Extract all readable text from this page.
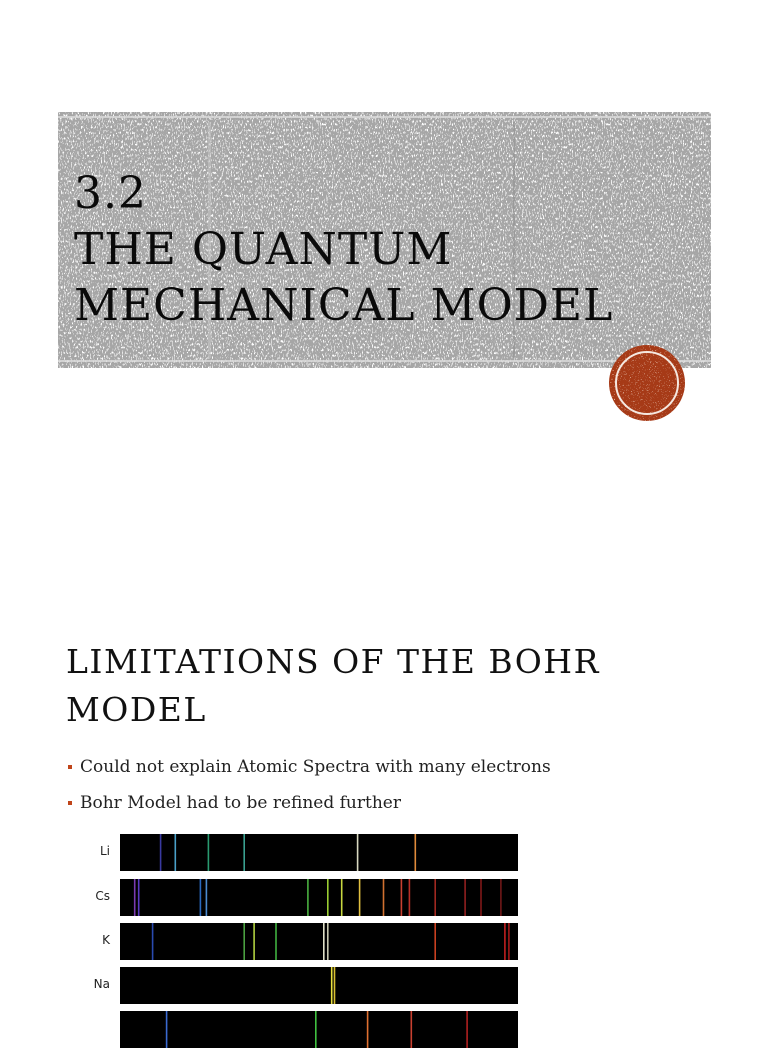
3.2
THE QUANTUM
MECHANICAL MODEL
LIMITATIONS OF THE BOHR
MODEL
Could not explain Atomic Spectra with many electrons
Bohr Model had to be refined further
Li
Cs
K
Na
